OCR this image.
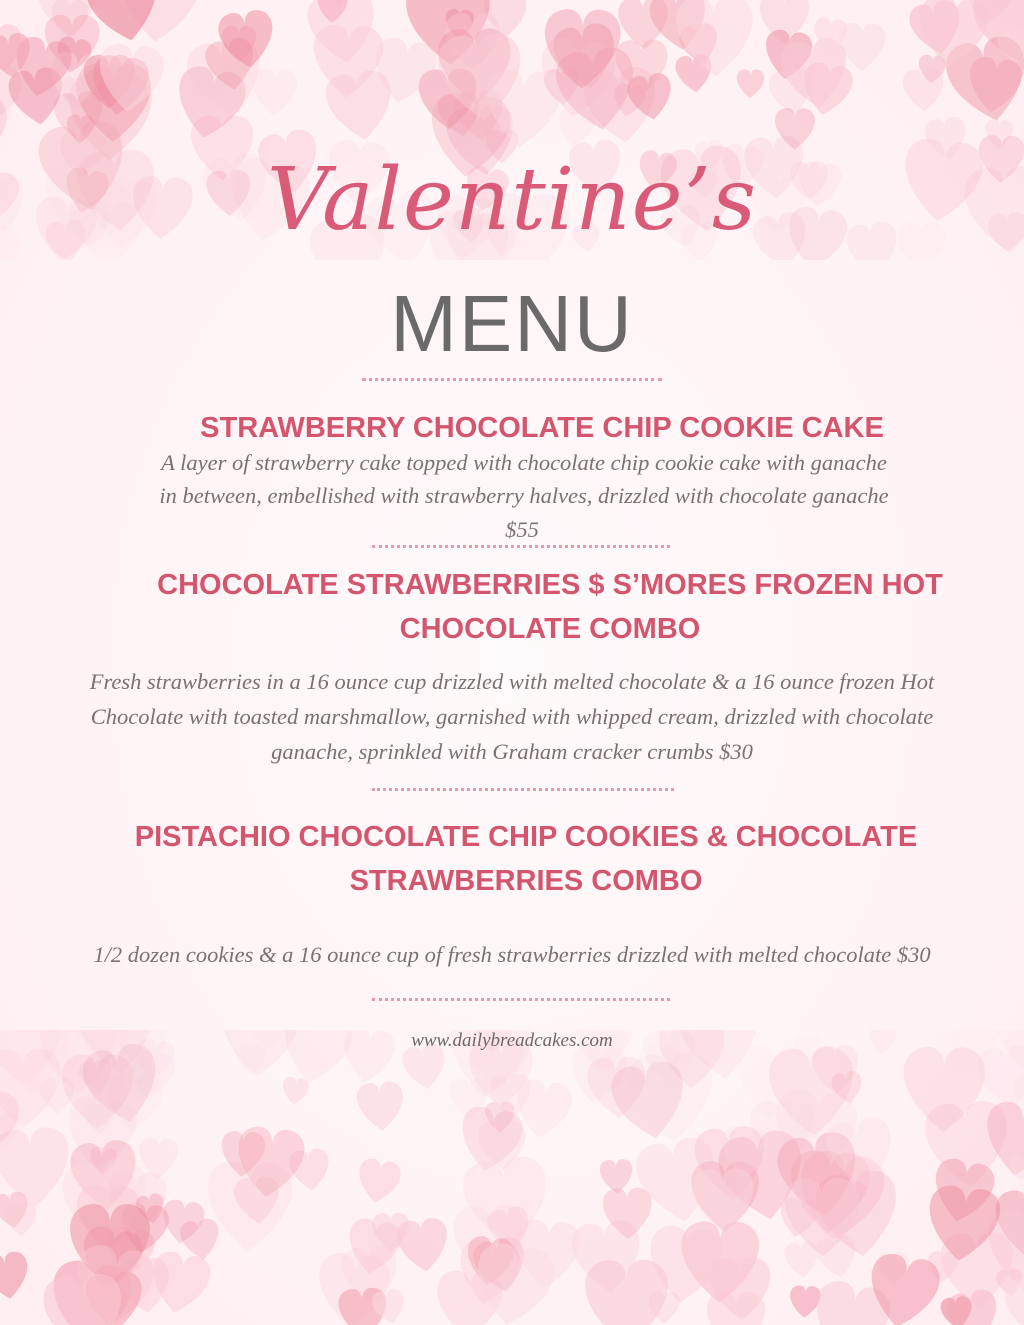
Valentine’s
MENU
STRAWBERRY CHOCOLATE CHIP COOKIE CAKE
A layer of strawberry cake topped with chocolate chip cookie cake with ganache
in between, embellished with strawberry halves, drizzled with chocolate ganache
$55
CHOCOLATE STRAWBERRIES $ S’MORES FROZEN HOT
CHOCOLATE COMBO
Fresh strawberries in a 16 ounce cup drizzled with melted chocolate & a 16 ounce frozen Hot
Chocolate with toasted marshmallow, garnished with whipped cream, drizzled with chocolate
ganache, sprinkled with Graham cracker crumbs $30
PISTACHIO CHOCOLATE CHIP COOKIES & CHOCOLATE
STRAWBERRIES COMBO
1/2 dozen cookies & a 16 ounce cup of fresh strawberries drizzled with melted chocolate $30
www.dailybreadcakes.com
